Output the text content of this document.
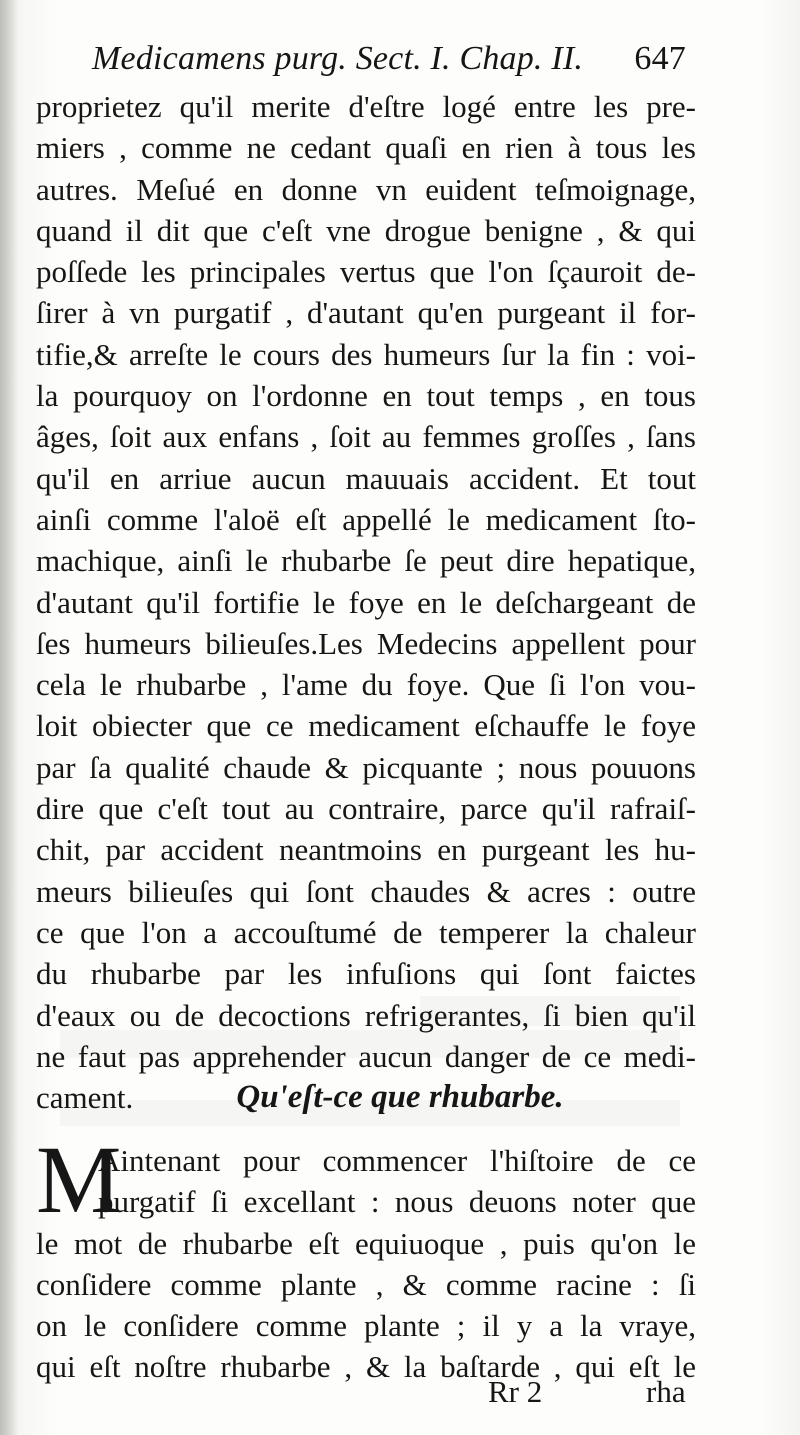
Medicamens purg. Sect. I. Chap. II. 647
proprietez qu'il merite d'eſtre logé entre les pre-
miers , comme ne cedant quaſi en rien à tous les
autres. Meſué en donne vn euident teſmoignage,
quand il dit que c'eſt vne drogue benigne , & qui
poſſede les principales vertus que l'on ſçauroit de-
ſirer à vn purgatif , d'autant qu'en purgeant il for-
tifie,& arreſte le cours des humeurs ſur la fin : voi-
la pourquoy on l'ordonne en tout temps , en tous
âges, ſoit aux enfans , ſoit au femmes groſſes , ſans
qu'il en arriue aucun mauuais accident. Et tout
ainſi comme l'aloë eſt appellé le medicament ſto-
machique, ainſi le rhubarbe ſe peut dire hepatique,
d'autant qu'il fortifie le foye en le deſchargeant de
ſes humeurs bilieuſes.Les Medecins appellent pour
cela le rhubarbe , l'ame du foye. Que ſi l'on vou-
loit obiecter que ce medicament eſchauffe le foye
par ſa qualité chaude & picquante ; nous pouuons
dire que c'eſt tout au contraire, parce qu'il rafraiſ-
chit, par accident neantmoins en purgeant les hu-
meurs bilieuſes qui ſont chaudes & acres : outre
ce que l'on a accouſtumé de temperer la chaleur
du rhubarbe par les infuſions qui ſont faictes
d'eaux ou de decoctions refrigerantes, ſi bien qu'il
ne faut pas apprehender aucun danger de ce medi-
cament.	Qu'eſt-ce que rhubarbe.
M
Aintenant pour commencer l'hiſtoire de ce
purgatif ſi excellant : nous deuons noter que
le mot de rhubarbe eſt equiuoque , puis qu'on le
conſidere comme plante , & comme racine : ſi
on le conſidere comme plante ; il y a la vraye,
qui eſt noſtre rhubarbe , & la baſtarde , qui eſt le
Rr 2	rha
